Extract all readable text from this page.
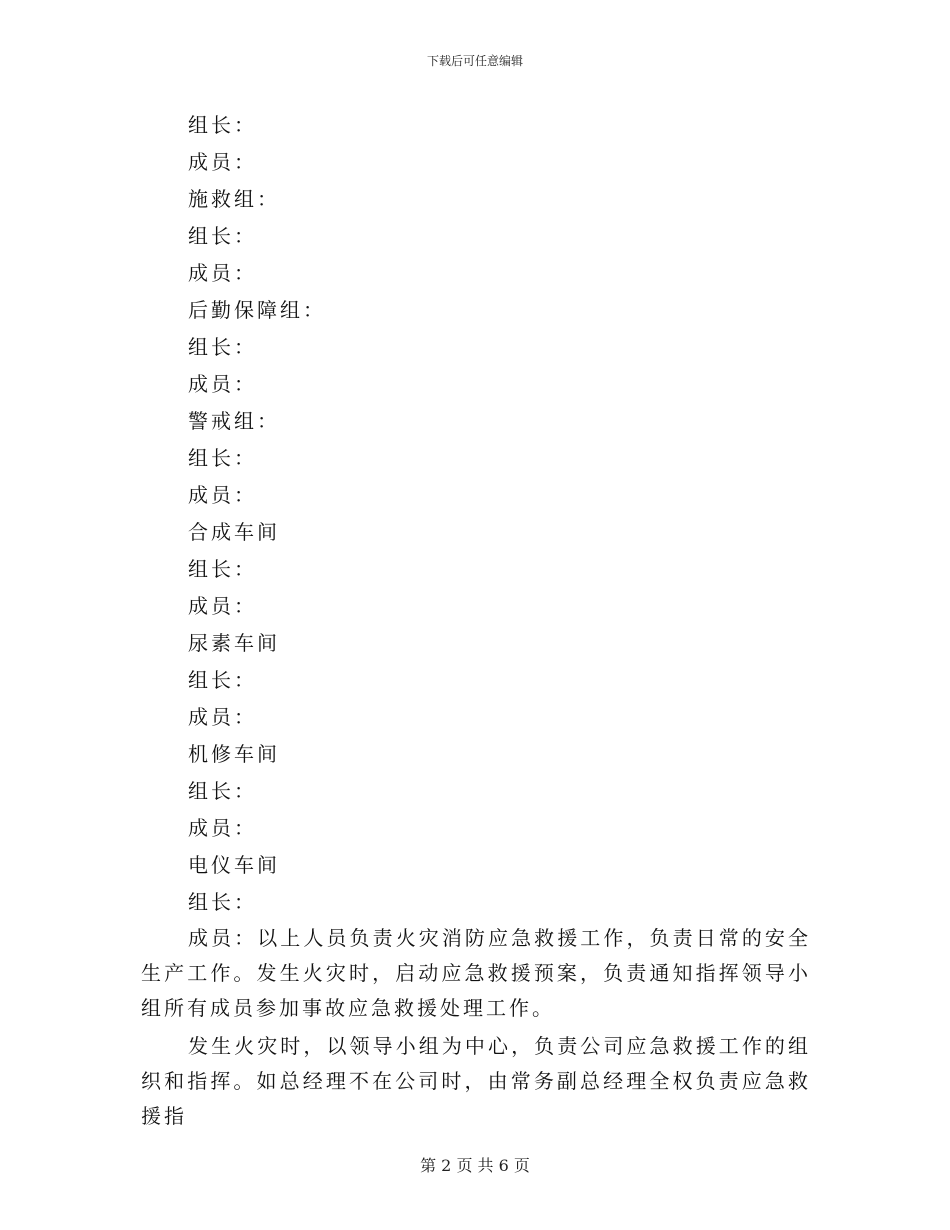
下载后可任意编辑

组长：

成员：

施救组：

组长：

成员：

后勤保障组：

组长：

成员：

警戒组：

组长：

成员：

合成车间

组长：

成员：

尿素车间

组长：

成员：

机修车间

组长：

成员：

电仪车间

组长：

成员：以上人员负责火灾消防应急救援工作，负责日常的安全生产工作。发生火灾时，启动应急救援预案，负责通知指挥领导小组所有成员参加事故应急救援处理工作。

发生火灾时，以领导小组为中心，负责公司应急救援工作的组织和指挥。如总经理不在公司时，由常务副总经理全权负责应急救援指

第 2 页 共 6 页
